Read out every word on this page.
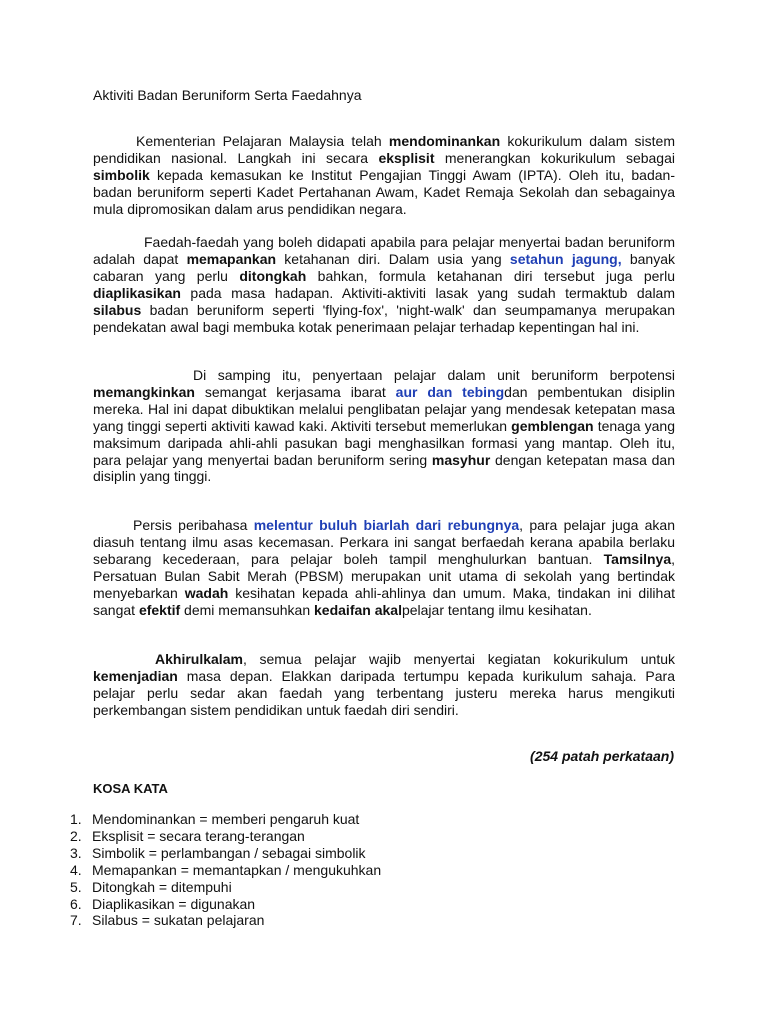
Aktiviti Badan Beruniform Serta Faedahnya

Kementerian Pelajaran Malaysia telah mendominankan kokurikulum dalam sistem pendidikan nasional. Langkah ini secara eksplisit menerangkan kokurikulum sebagai simbolik kepada kemasukan ke Institut Pengajian Tinggi Awam (IPTA). Oleh itu, badan-badan beruniform seperti Kadet Pertahanan Awam, Kadet Remaja Sekolah dan sebagainya mula dipromosikan dalam arus pendidikan negara.

Faedah-faedah yang boleh didapati apabila para pelajar menyertai badan beruniform adalah dapat memapankan ketahanan diri. Dalam usia yang setahun jagung, banyak cabaran yang perlu ditongkah bahkan, formula ketahanan diri tersebut juga perlu diaplikasikan pada masa hadapan. Aktiviti-aktiviti lasak yang sudah termaktub dalam silabus badan beruniform seperti 'flying-fox', 'night-walk' dan seumpamanya merupakan pendekatan awal bagi membuka kotak penerimaan pelajar terhadap kepentingan hal ini.

Di samping itu, penyertaan pelajar dalam unit beruniform berpotensi memangkinkan semangat kerjasama ibarat aur dan tebingdan pembentukan disiplin mereka. Hal ini dapat dibuktikan melalui penglibatan pelajar yang mendesak ketepatan masa yang tinggi seperti aktiviti kawad kaki. Aktiviti tersebut memerlukan gemblengan tenaga yang maksimum daripada ahli-ahli pasukan bagi menghasilkan formasi yang mantap. Oleh itu, para pelajar yang menyertai badan beruniform sering masyhur dengan ketepatan masa dan disiplin yang tinggi.

Persis peribahasa melentur buluh biarlah dari rebungnya, para pelajar juga akan diasuh tentang ilmu asas kecemasan. Perkara ini sangat berfaedah kerana apabila berlaku sebarang kecederaan, para pelajar boleh tampil menghulurkan bantuan. Tamsilnya, Persatuan Bulan Sabit Merah (PBSM) merupakan unit utama di sekolah yang bertindak menyebarkan wadah kesihatan kepada ahli-ahlinya dan umum. Maka, tindakan ini dilihat sangat efektif demi memansuhkan kedaifan akalpelajar tentang ilmu kesihatan.

Akhirulkalam, semua pelajar wajib menyertai kegiatan kokurikulum untuk kemenjadian masa depan. Elakkan daripada tertumpu kepada kurikulum sahaja. Para pelajar perlu sedar akan faedah yang terbentang justeru mereka harus mengikuti perkembangan sistem pendidikan untuk faedah diri sendiri.

(254 patah perkataan)
KOSA KATA
1. Mendominankan = memberi pengaruh kuat
2. Eksplisit = secara terang-terangan
3. Simbolik = perlambangan / sebagai simbolik
4. Memapankan = memantapkan / mengukuhkan
5. Ditongkah = ditempuhi
6. Diaplikasikan = digunakan
7. Silabus = sukatan pelajaran
